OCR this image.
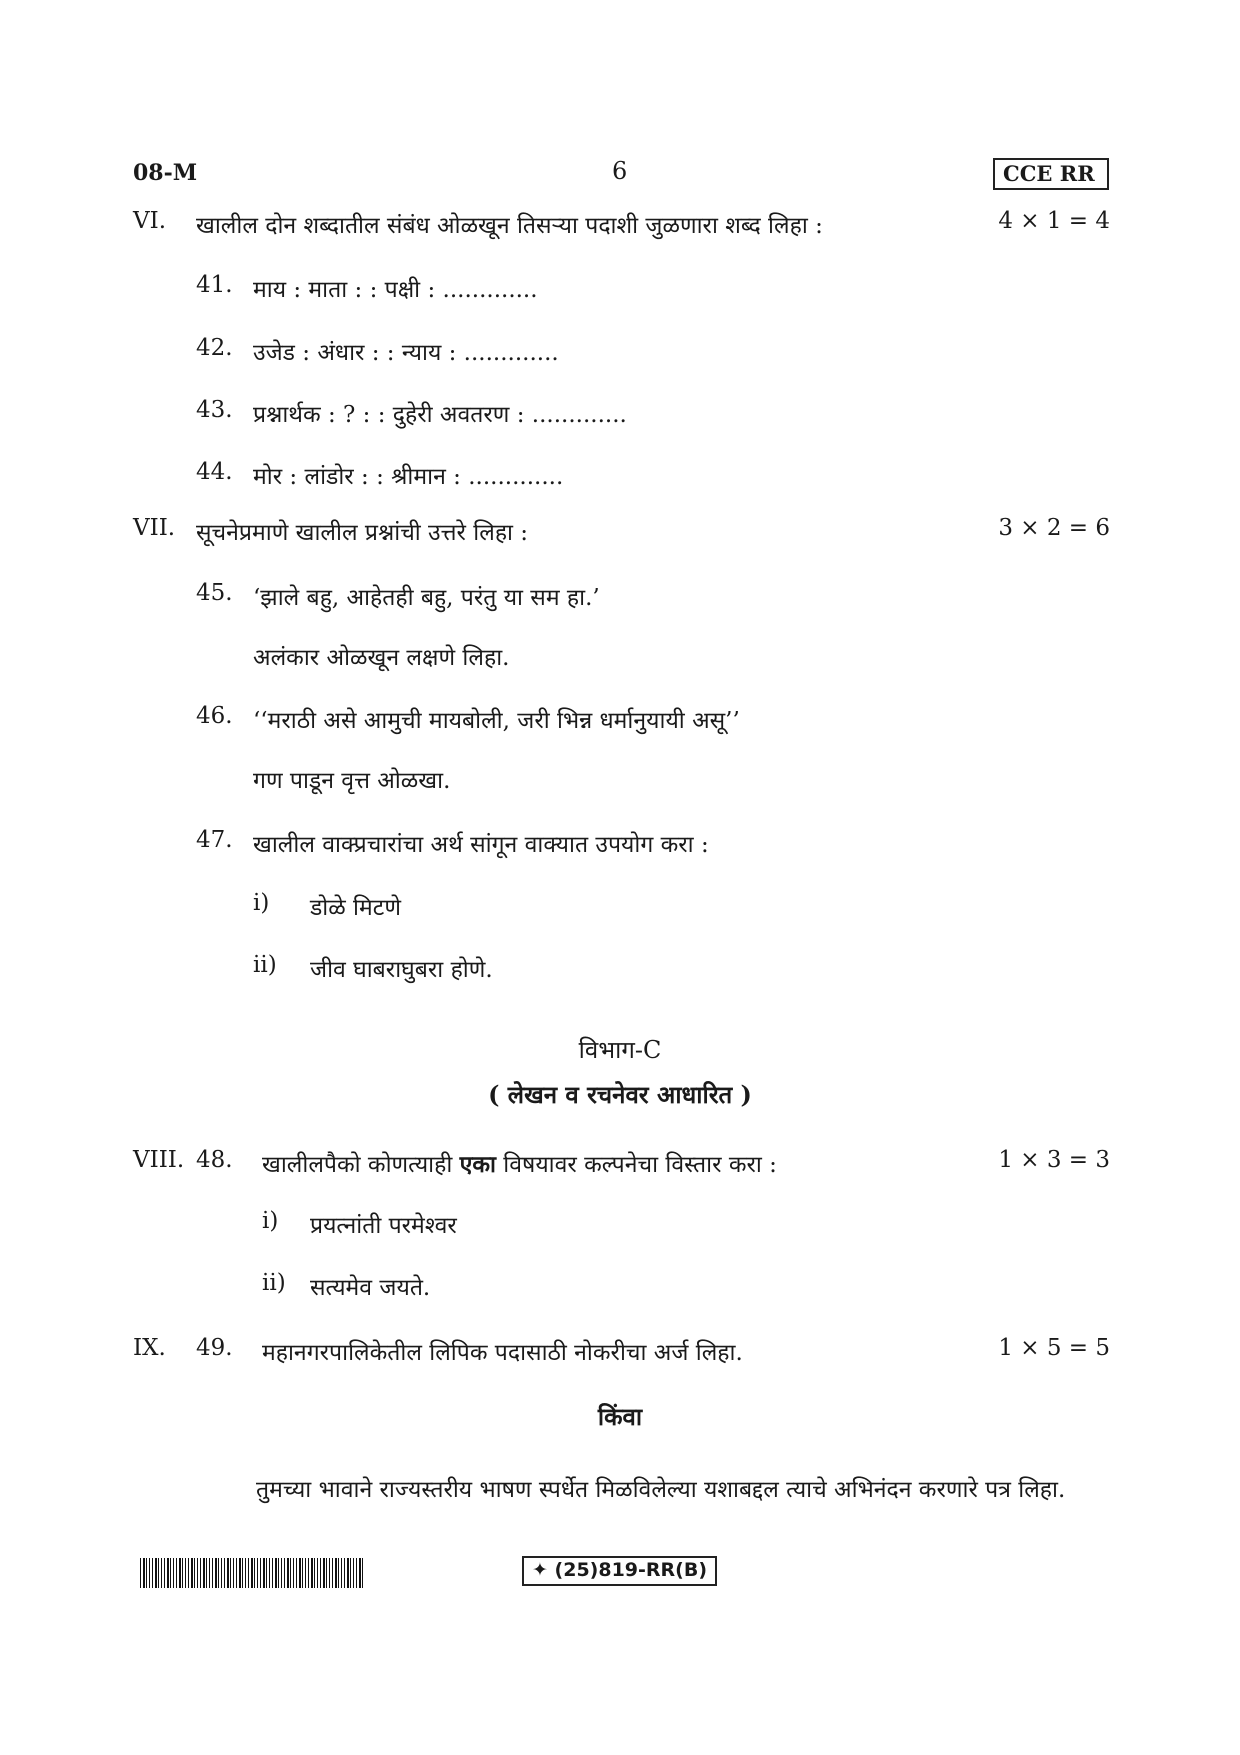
08-M	6	CCE RR
VI. खालील दोन शब्दातील संबंध ओळखून तिसऱ्या पदाशी जुळणारा शब्द लिहा :	4 × 1 = 4
41. माय : माता : : पक्षी : .............
42. उजेड : अंधार : : न्याय : .............
43. प्रश्नार्थक : ? : : दुहेरी अवतरण : .............
44. मोर : लांडोर : : श्रीमान : .............
VII. सूचनेप्रमाणे खालील प्रश्नांची उत्तरे लिहा :	3 × 2 = 6
45. ‘झाले बहु, आहेतही बहु, परंतु या सम हा.’
अलंकार ओळखून लक्षणे लिहा.
46. ‘‘मराठी असे आमुची मायबोली, जरी भिन्न धर्मानुयायी असू’’
गण पाडून वृत्त ओळखा.
47. खालील वाक्प्रचारांचा अर्थ सांगून वाक्यात उपयोग करा :
i) डोळे मिटणे
ii) जीव घाबराघुबरा होणे.
विभाग-C
( लेखन व रचनेवर आधारित )
VIII. 48. खालीलपैको कोणत्याही एका विषयावर कल्पनेचा विस्तार करा :	1 × 3 = 3
i) प्रयत्नांती परमेश्वर
ii) सत्यमेव जयते.
IX. 49. महानगरपालिकेतील लिपिक पदासाठी नोकरीचा अर्ज लिहा.	1 × 5 = 5
किंवा
तुमच्या भावाने राज्यस्तरीय भाषण स्पर्धेत मिळविलेल्या यशाबद्दल त्याचे अभिनंदन करणारे पत्र लिहा.
✦ (25)819-RR(B)
